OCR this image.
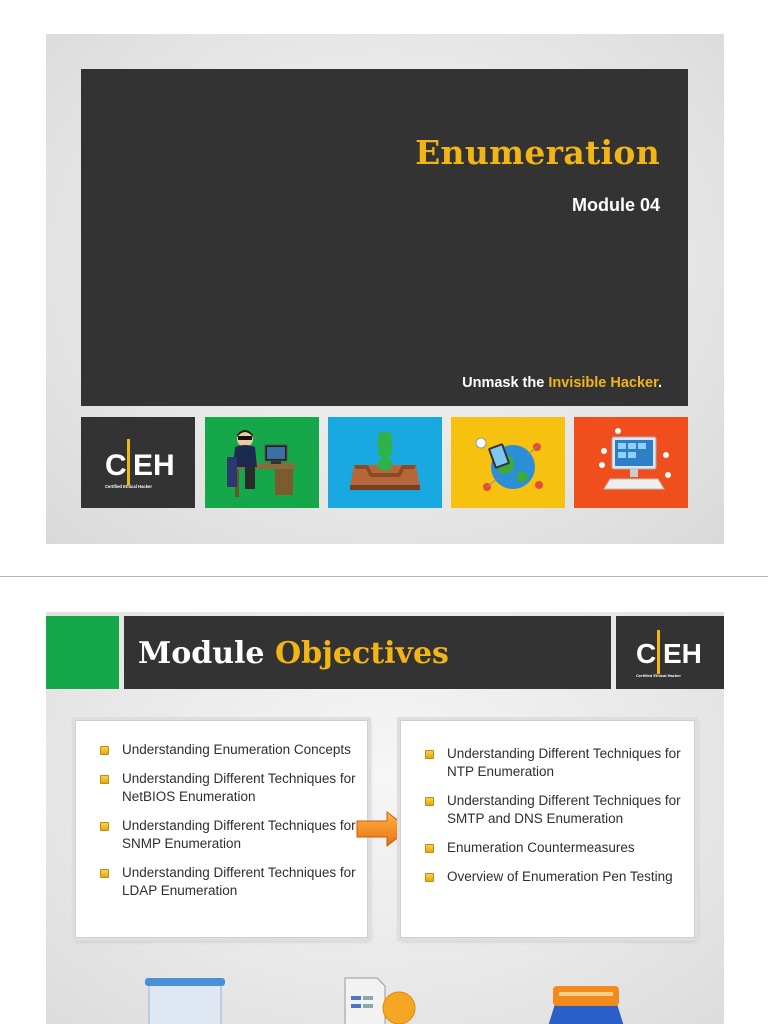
Enumeration
Module 04
Unmask the Invisible Hacker.
C EH
Certified Ethical Hacker
Module Objectives	C EH
Certified Ethical Hacker
Understanding Enumeration Concepts
Understanding Different Techniques for NetBIOS Enumeration
Understanding Different Techniques for SNMP Enumeration
Understanding Different Techniques for LDAP Enumeration
Understanding Different Techniques for NTP Enumeration
Understanding Different Techniques for SMTP and DNS Enumeration
Enumeration Countermeasures
Overview of Enumeration Pen Testing
